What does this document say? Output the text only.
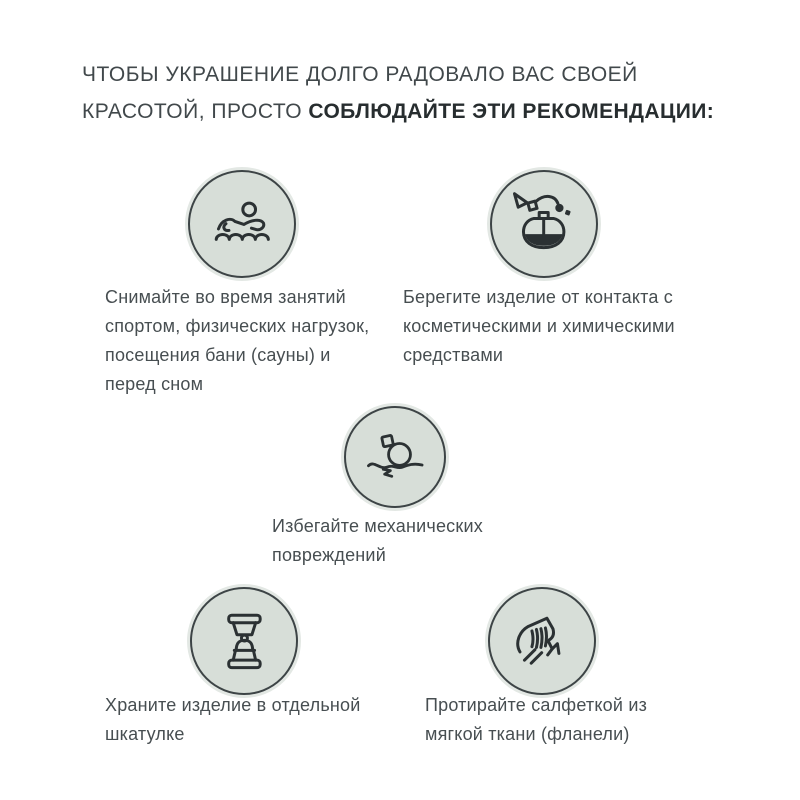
ЧТОБЫ УКРАШЕНИЕ ДОЛГО РАДОВАЛО ВАС СВОЕЙ КРАСОТОЙ, ПРОСТО СОБЛЮДАЙТЕ ЭТИ РЕКОМЕНДАЦИИ:
Снимайте во время занятий спортом, физических нагрузок, посещения бани (сауны) и перед сном
Берегите изделие от контакта с косметическими и химическими средствами
Избегайте механических повреждений
Храните изделие в отдельной шкатулке
Протирайте салфеткой из мягкой ткани (фланели)
